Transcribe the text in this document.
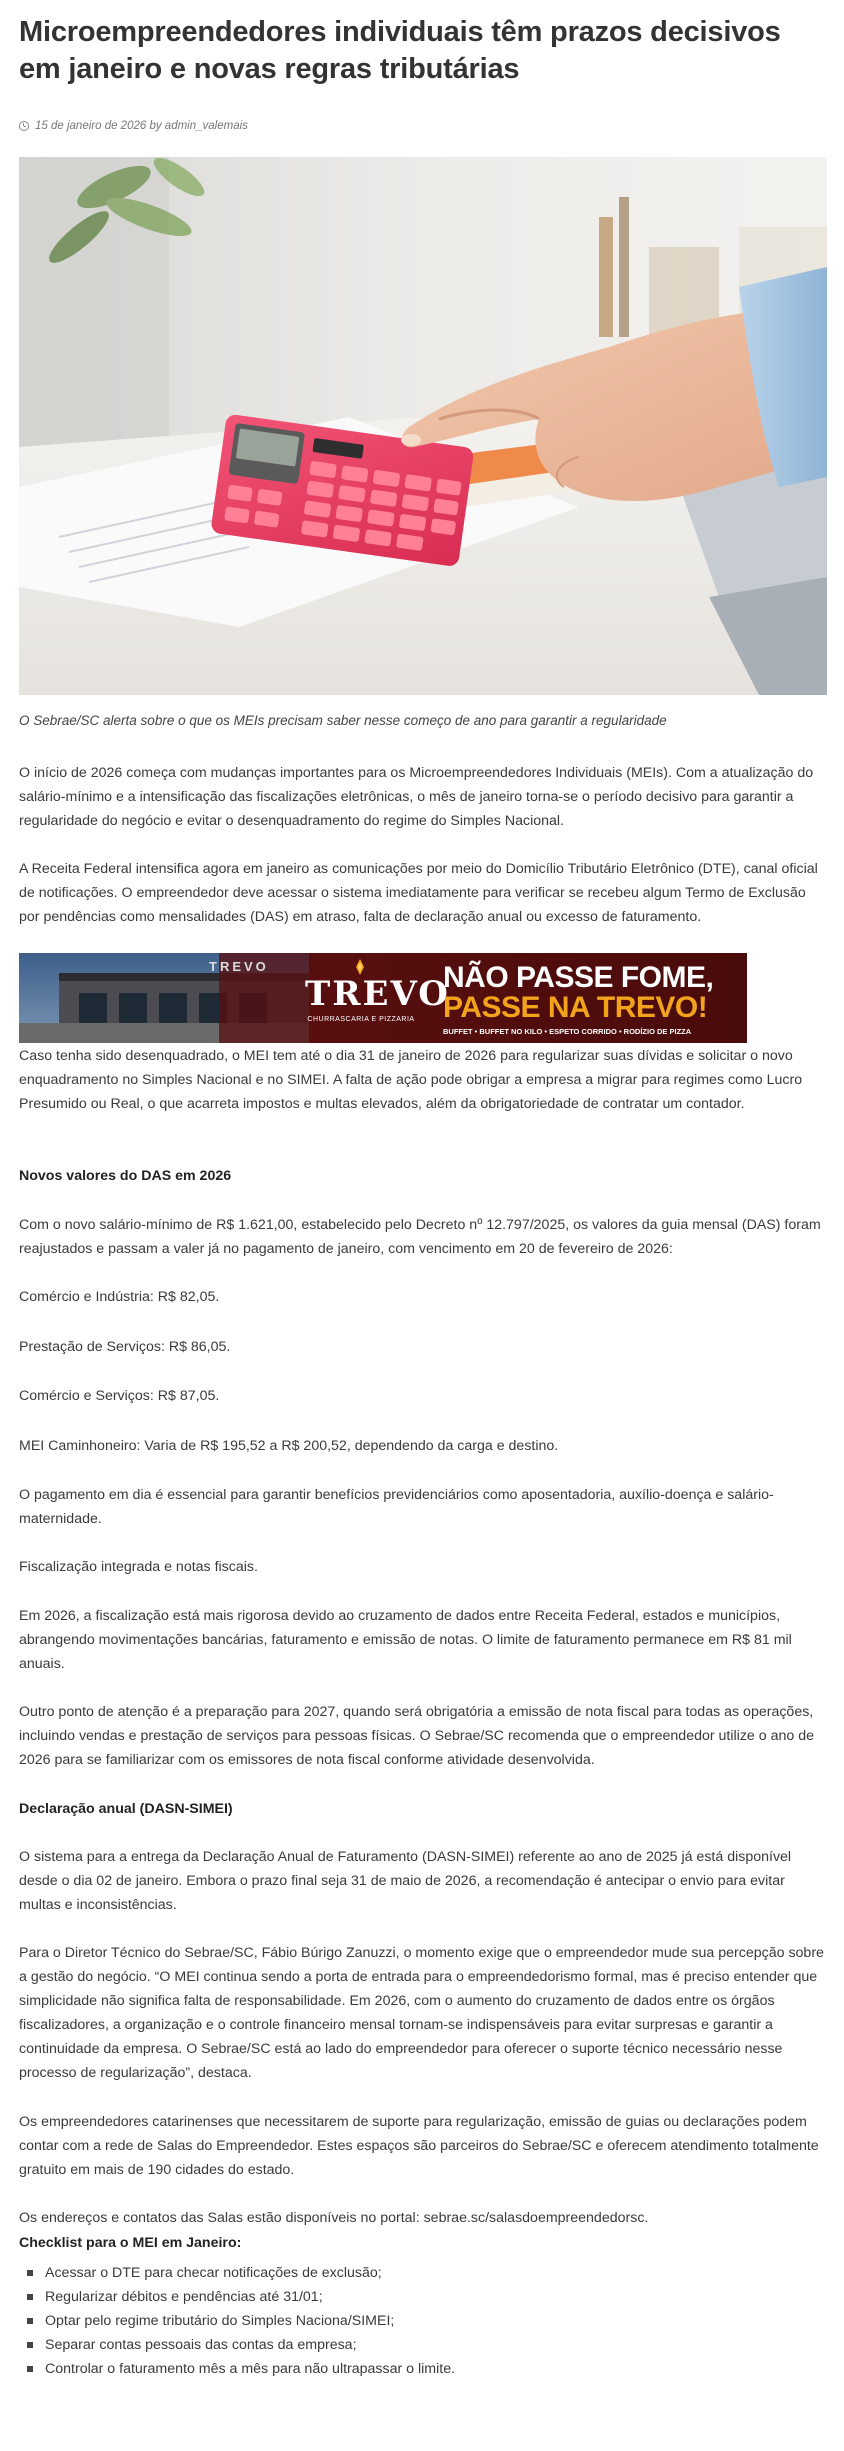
Microempreendedores individuais têm prazos decisivos em janeiro e novas regras tributárias
15 de janeiro de 2026 by admin_valemais

O Sebrae/SC alerta sobre o que os MEIs precisam saber nesse começo de ano para garantir a regularidade

O início de 2026 começa com mudanças importantes para os Microempreendedores Individuais (MEIs). Com a atualização do salário-mínimo e a intensificação das fiscalizações eletrônicas, o mês de janeiro torna-se o período decisivo para garantir a regularidade do negócio e evitar o desenquadramento do regime do Simples Nacional.

A Receita Federal intensifica agora em janeiro as comunicações por meio do Domicílio Tributário Eletrônico (DTE), canal oficial de notificações. O empreendedor deve acessar o sistema imediatamente para verificar se recebeu algum Termo de Exclusão por pendências como mensalidades (DAS) em atraso, falta de declaração anual ou excesso de faturamento.

TREVO
TREVO
CHURRASCARIA E PIZZARIA
NÃO PASSE FOME,
PASSE NA TREVO!
BUFFET • BUFFET NO KILO • ESPETO CORRIDO • RODÍZIO DE PIZZA

Caso tenha sido desenquadrado, o MEI tem até o dia 31 de janeiro de 2026 para regularizar suas dívidas e solicitar o novo enquadramento no Simples Nacional e no SIMEI. A falta de ação pode obrigar a empresa a migrar para regimes como Lucro Presumido ou Real, o que acarreta impostos e multas elevados, além da obrigatoriedade de contratar um contador.

Novos valores do DAS em 2026

Com o novo salário-mínimo de R$ 1.621,00, estabelecido pelo Decreto nº 12.797/2025, os valores da guia mensal (DAS) foram reajustados e passam a valer já no pagamento de janeiro, com vencimento em 20 de fevereiro de 2026:

Comércio e Indústria: R$ 82,05.

Prestação de Serviços: R$ 86,05.

Comércio e Serviços: R$ 87,05.

MEI Caminhoneiro: Varia de R$ 195,52 a R$ 200,52, dependendo da carga e destino.

O pagamento em dia é essencial para garantir benefícios previdenciários como aposentadoria, auxílio-doença e salário-maternidade.

Fiscalização integrada e notas fiscais.

Em 2026, a fiscalização está mais rigorosa devido ao cruzamento de dados entre Receita Federal, estados e municípios, abrangendo movimentações bancárias, faturamento e emissão de notas. O limite de faturamento permanece em R$ 81 mil anuais.

Outro ponto de atenção é a preparação para 2027, quando será obrigatória a emissão de nota fiscal para todas as operações, incluindo vendas e prestação de serviços para pessoas físicas. O Sebrae/SC recomenda que o empreendedor utilize o ano de 2026 para se familiarizar com os emissores de nota fiscal conforme atividade desenvolvida.

Declaração anual (DASN-SIMEI)

O sistema para a entrega da Declaração Anual de Faturamento (DASN-SIMEI) referente ao ano de 2025 já está disponível desde o dia 02 de janeiro. Embora o prazo final seja 31 de maio de 2026, a recomendação é antecipar o envio para evitar multas e inconsistências.

Para o Diretor Técnico do Sebrae/SC, Fábio Búrigo Zanuzzi, o momento exige que o empreendedor mude sua percepção sobre a gestão do negócio. “O MEI continua sendo a porta de entrada para o empreendedorismo formal, mas é preciso entender que simplicidade não significa falta de responsabilidade. Em 2026, com o aumento do cruzamento de dados entre os órgãos fiscalizadores, a organização e o controle financeiro mensal tornam-se indispensáveis para evitar surpresas e garantir a continuidade da empresa. O Sebrae/SC está ao lado do empreendedor para oferecer o suporte técnico necessário nesse processo de regularização”, destaca.

Os empreendedores catarinenses que necessitarem de suporte para regularização, emissão de guias ou declarações podem contar com a rede de Salas do Empreendedor. Estes espaços são parceiros do Sebrae/SC e oferecem atendimento totalmente gratuito em mais de 190 cidades do estado.

Os endereços e contatos das Salas estão disponíveis no portal: sebrae.sc/salasdoempreendedorsc.

Checklist para o MEI em Janeiro:

Acessar o DTE para checar notificações de exclusão;
Regularizar débitos e pendências até 31/01;
Optar pelo regime tributário do Simples Naciona/SIMEI;
Separar contas pessoais das contas da empresa;
Controlar o faturamento mês a mês para não ultrapassar o limite.
